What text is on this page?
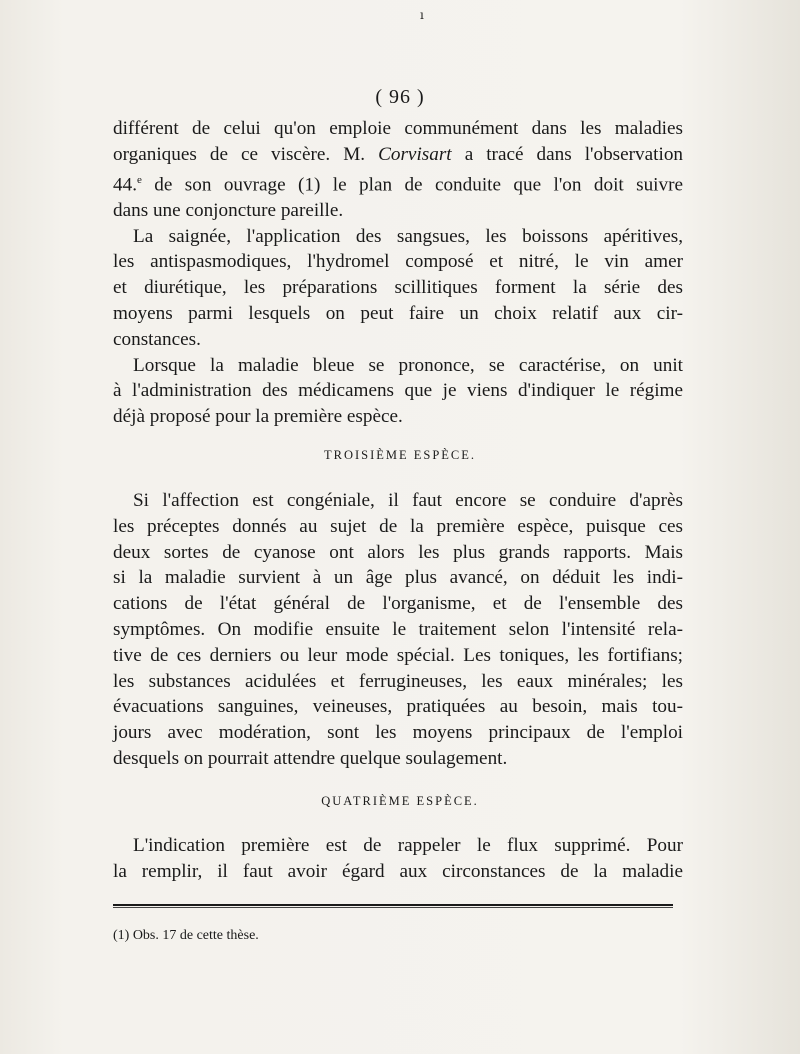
ı
( 96 )
différent de celui qu'on emploie communément dans les maladies
organiques de ce viscère. M. Corvisart a tracé dans l'observation
44.$^e$ de son ouvrage (1) le plan de conduite que l'on doit suivre
dans une conjoncture pareille.
La saignée, l'application des sangsues, les boissons apéritives,
les antispasmodiques, l'hydromel composé et nitré, le vin amer
et diurétique, les préparations scillitiques forment la série des
moyens parmi lesquels on peut faire un choix relatif aux cir-
constances.
Lorsque la maladie bleue se prononce, se caractérise, on unit
à l'administration des médicamens que je viens d'indiquer le régime
déjà proposé pour la première espèce.
TROISIÈME ESPÈCE.
Si l'affection est congéniale, il faut encore se conduire d'après
les préceptes donnés au sujet de la première espèce, puisque ces
deux sortes de cyanose ont alors les plus grands rapports. Mais
si la maladie survient à un âge plus avancé, on déduit les indi-
cations de l'état général de l'organisme, et de l'ensemble des
symptômes. On modifie ensuite le traitement selon l'intensité rela-
tive de ces derniers ou leur mode spécial. Les toniques, les fortifians;
les substances acidulées et ferrugineuses, les eaux minérales; les
évacuations sanguines, veineuses, pratiquées au besoin, mais tou-
jours avec modération, sont les moyens principaux de l'emploi
desquels on pourrait attendre quelque soulagement.
QUATRIÈME ESPÈCE.
L'indication première est de rappeler le flux supprimé. Pour
la remplir, il faut avoir égard aux circonstances de la maladie
(1) Obs. 17 de cette thèse.
